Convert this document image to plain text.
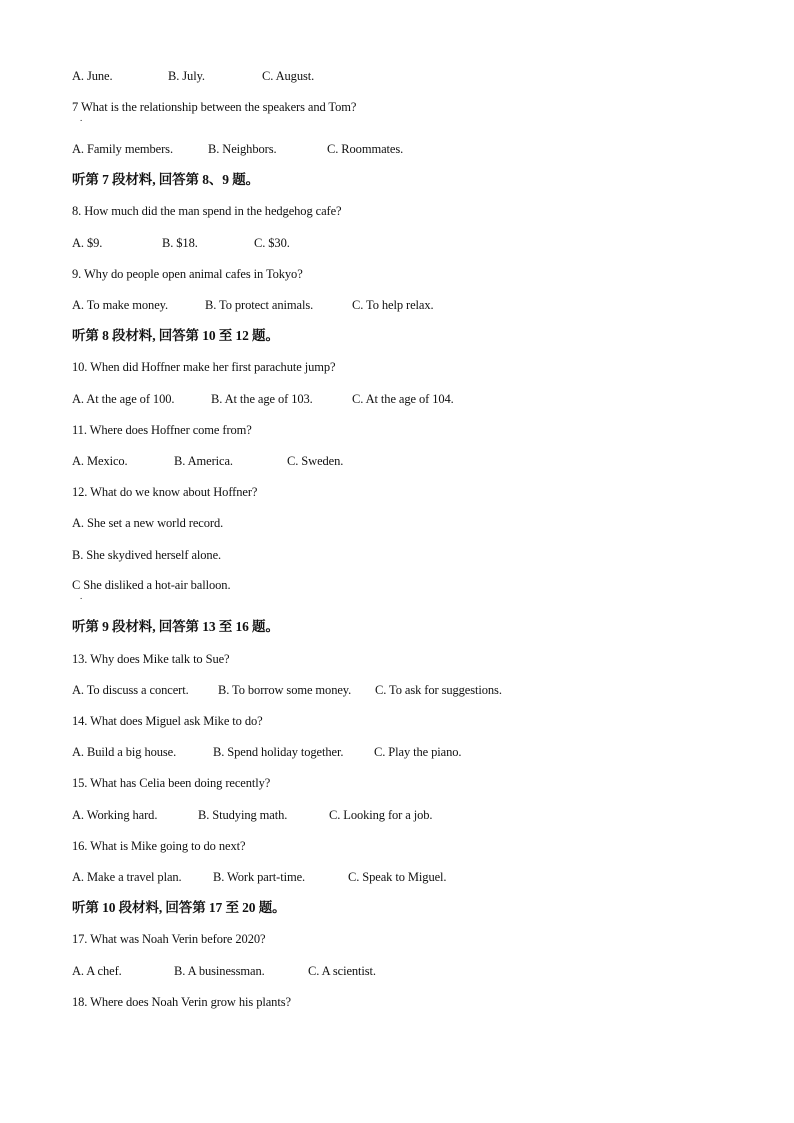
A. June.	B. July.	C. August.
7 What is the relationship between the speakers and Tom?
.
A. Family members.	B. Neighbors.	C. Roommates.
听第 7 段材料, 回答第 8、9 题。
8. How much did the man spend in the hedgehog cafe?
A. $9.	B. $18.	C. $30.
9. Why do people open animal cafes in Tokyo?
A. To make money.	B. To protect animals.	C. To help relax.
听第 8 段材料, 回答第 10 至 12 题。
10. When did Hoffner make her first parachute jump?
A. At the age of 100.	B. At the age of 103.	C. At the age of 104.
11. Where does Hoffner come from?
A. Mexico.	B. America.	C. Sweden.
12. What do we know about Hoffner?
A. She set a new world record.
B. She skydived herself alone.
C She disliked a hot-air balloon.
.
听第 9 段材料, 回答第 13 至 16 题。
13. Why does Mike talk to Sue?
A. To discuss a concert. B. To borrow some money. C. To ask for suggestions.
14. What does Miguel ask Mike to do?
A. Build a big house.	B. Spend holiday together. C. Play the piano.
15. What has Celia been doing recently?
A. Working hard.	B. Studying math.	C. Looking for a job.
16. What is Mike going to do next?
A. Make a travel plan.	B. Work part-time.	C. Speak to Miguel.
听第 10 段材料, 回答第 17 至 20 题。
17. What was Noah Verin before 2020?
A. A chef.	B. A businessman.	C. A scientist.
18. Where does Noah Verin grow his plants?
